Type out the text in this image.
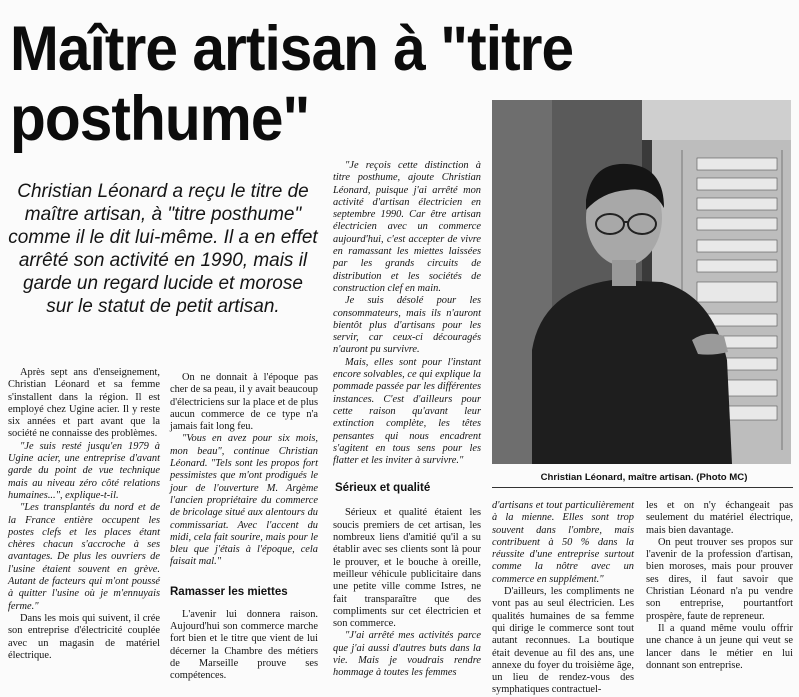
Maître artisan à "titre
posthume"
Christian Léonard a reçu le titre de maître artisan, à "titre posthume" comme il le dit lui-même. Il a en effet arrêté son activité en 1990, mais il garde un regard lucide et morose sur le statut de petit artisan.

Après sept ans d'enseignement, Christian Léonard et sa femme s'installent dans la région. Il est employé chez Ugine acier. Il y reste six années et part avant que la société ne connaisse des problèmes.

"Je suis resté jusqu'en 1979 à Ugine acier, une entreprise d'avant garde du point de vue technique mais au niveau zéro côté relations humaines...", explique-t-il.

"Les transplantés du nord et de la France entière occupent les postes clefs et les places étant chères chacun s'accroche à ses avantages. De plus les ouvriers de l'usine étaient souvent en grève. Autant de facteurs qui m'ont poussé à quitter l'usine où je m'ennuyais ferme."

Dans les mois qui suivent, il crée son entreprise d'électricité couplée avec un magasin de matériel électrique.

On ne donnait à l'époque pas cher de sa peau, il y avait beaucoup d'électriciens sur la place et de plus aucun commerce de ce type n'a jamais fait long feu.

"Vous en avez pour six mois, mon beau", continue Christian Léonard. "Tels sont les propos fort pessimistes que m'ont prodigués le jour de l'ouverture M. Argème l'ancien propriétaire du commerce de bricolage situé aux alentours du commissariat. Avec l'accent du midi, cela fait sourire, mais pour le bleu que j'étais à l'époque, cela faisait mal."

Ramasser les miettes

L'avenir lui donnera raison. Aujourd'hui son commerce marche fort bien et le titre que vient de lui décerner la Chambre des métiers de Marseille prouve ses compétences.

"Je reçois cette distinction à titre posthume, ajoute Christian Léonard, puisque j'ai arrêté mon activité d'artisan électricien en septembre 1990. Car être artisan électricien avec un commerce aujourd'hui, c'est accepter de vivre en ramassant les miettes laissées par les grands circuits de distribution et les sociétés de construction clef en main.

Je suis désolé pour les consommateurs, mais ils n'auront bientôt plus d'artisans pour les servir, car ceux-ci découragés n'auront pu survivre.

Mais, elles sont pour l'instant encore solvables, ce qui explique la pommade passée par les différentes instances. C'est d'ailleurs pour cette raison qu'avant leur extinction complète, les têtes pensantes qui nous encadrent s'agitent en tous sens pour les flatter et les inviter à survivre."

Sérieux et qualité

Sérieux et qualité étaient les soucis premiers de cet artisan, les nombreux liens d'amitié qu'il a su établir avec ses clients sont là pour le prouver, et le bouche à oreille, meilleur véhicule publicitaire dans une petite ville comme Istres, ne fait transparaître que des compliments sur cet électricien et son commerce.

"J'ai arrêté mes activités parce que j'ai aussi d'autres buts dans la vie. Mais je voudrais rendre hommage à toutes les femmes

Christian Léonard, maître artisan. (Photo MC)

d'artisans et tout particulièrement à la mienne. Elles sont trop souvent dans l'ombre, mais contribuent à 50 % dans la réussite d'une entreprise surtout comme la nôtre avec un commerce en supplément."

D'ailleurs, les compliments ne vont pas au seul électricien. Les qualités humaines de sa femme qui dirige le commerce sont tout autant reconnues. La boutique était devenue au fil des ans, une annexe du foyer du troisième âge, un lieu de rendez-vous des symphatiques contractuel-

les et on n'y échangeait pas seulement du matériel électrique, mais bien davantage.

On peut trouver ses propos sur l'avenir de la profession d'artisan, bien moroses, mais pour prouver ses dires, il faut savoir que Christian Léonard n'a pu vendre son entreprise, pourtantfort prospère, faute de repreneur.

Il a quand même voulu offrir une chance à un jeune qui veut se lancer dans le métier en lui donnant son entreprise.
